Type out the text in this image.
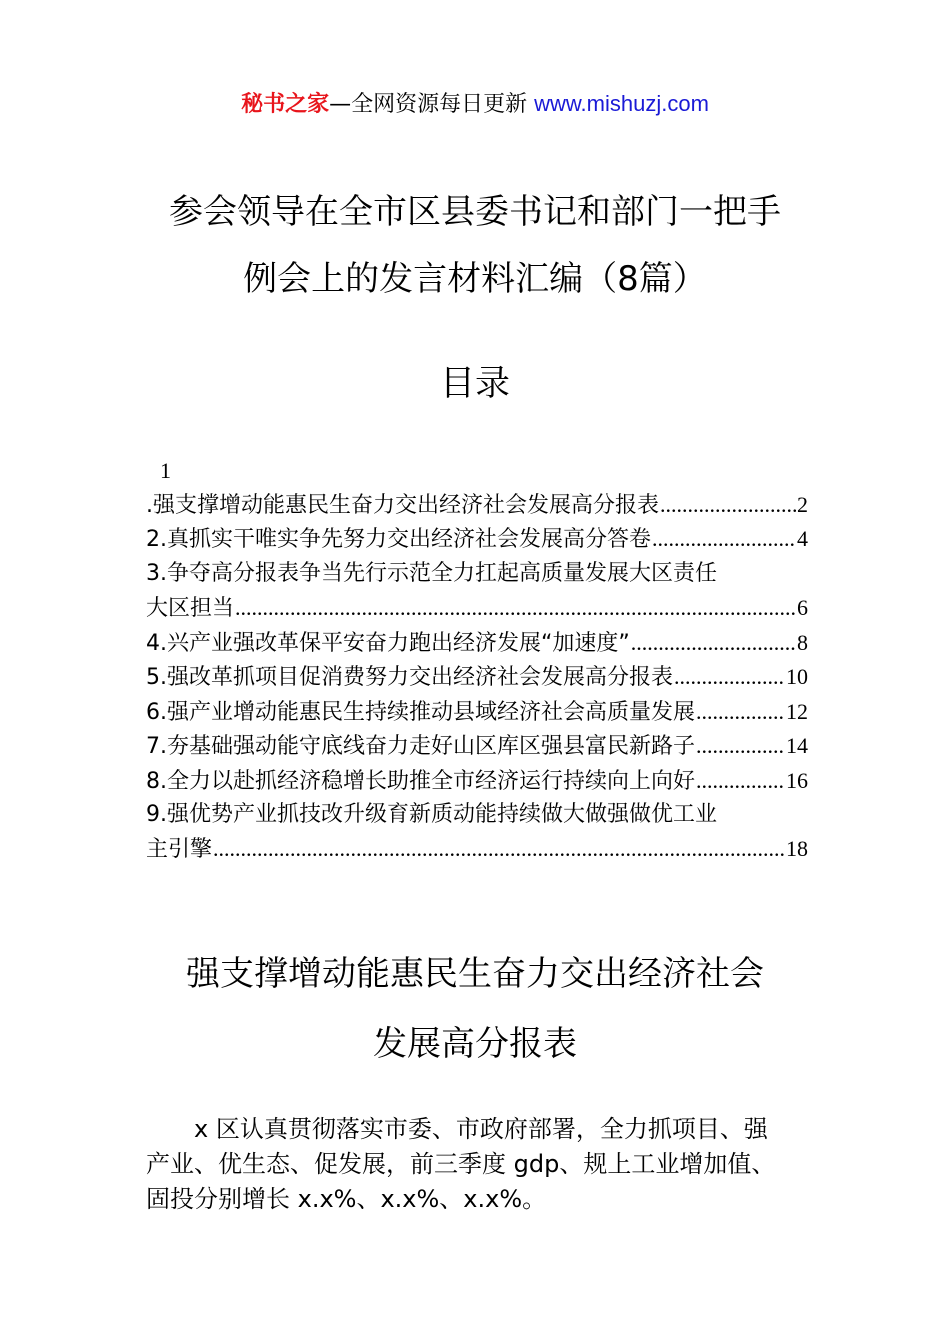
秘书之家—全网资源每日更新 www.mishuzj.com
参会领导在全市区县委书记和部门一把手
例会上的发言材料汇编（8篇）
目录
1
.强支撑增动能惠民生奋力交出经济社会发展高分报表 .....	2
2.真抓实干唯实争先努力交出经济社会发展高分答卷 .....	4
3.争夺高分报表争当先行示范全力扛起高质量发展大区责任
大区担当 .....	6
4.兴产业强改革保平安奋力跑出经济发展“加速度” .....	8
5.强改革抓项目促消费努力交出经济社会发展高分报表 .....	10
6.强产业增动能惠民生持续推动县域经济社会高质量发展 .....	12
7.夯基础强动能守底线奋力走好山区库区强县富民新路子 .....	14
8.全力以赴抓经济稳增长助推全市经济运行持续向上向好 .....	16
9.强优势产业抓技改升级育新质动能持续做大做强做优工业
主引擎 .....	18
强支撑增动能惠民生奋力交出经济社会
发展高分报表
x 区认真贯彻落实市委、市政府部署，全力抓项目、强
产业、优生态、促发展，前三季度 gdp、规上工业增加值、
固投分别增长 x.x%、x.x%、x.x%。
